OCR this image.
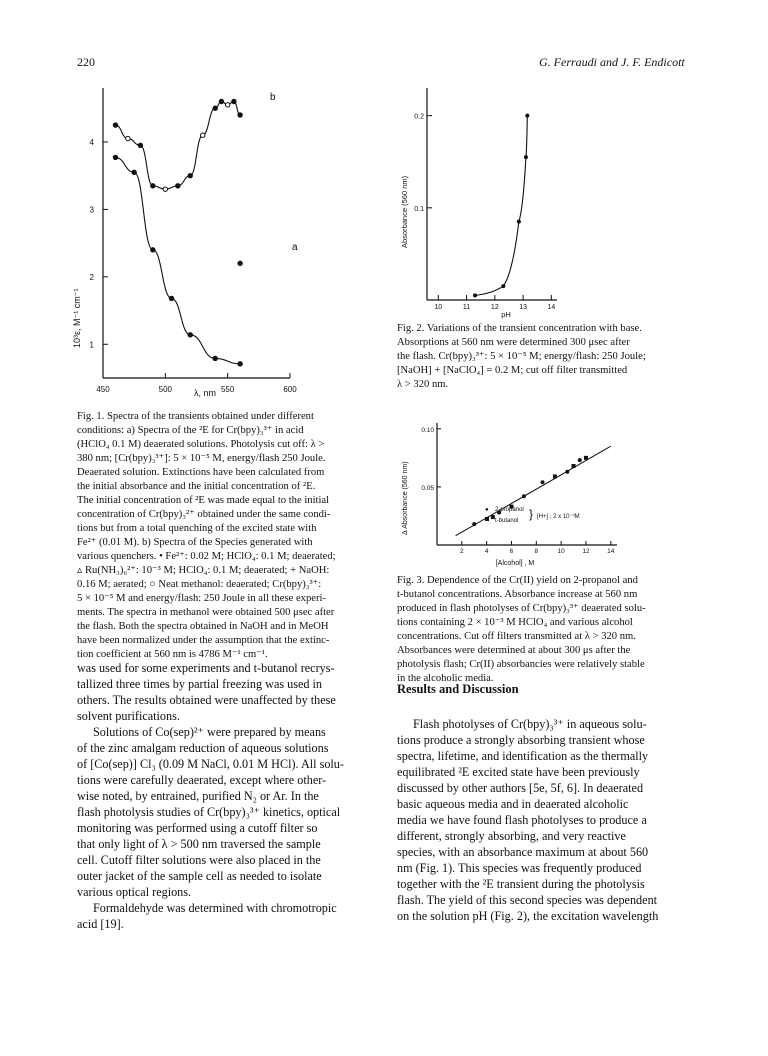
220	G. Ferraudi and J. F. Endicott
450	500	550	600
1
2
3
4
10³ε, M⁻¹ cm⁻¹
λ, nm
b
a
Fig. 1. Spectra of the transients obtained under different
conditions: a) Spectra of the ²E for Cr(bpy)₃³⁺ in acid
(HClO₄ 0.1 M) deaerated solutions. Photolysis cut off: λ >
380 nm; [Cr(bpy)₃³⁺]: 5 × 10⁻⁵ M, energy/flash 250 Joule.
Deaerated solution. Extinctions have been calculated from
the initial absorbance and the initial concentration of ²E.
The initial concentration of ²E was made equal to the initial
concentration of Cr(bpy)₃²⁺ obtained under the same condi-
tions but from a total quenching of the excited state with
Fe²⁺ (0.01 M). b) Spectra of the Species generated with
various quenchers. • Fe²⁺: 0.02 M; HClO₄: 0.1 M; deaerated;
▵ Ru(NH₃)₆²⁺: 10⁻³ M; HClO₄: 0.1 M; deaerated; + NaOH:
0.16 M; aerated; ○ Neat methanol: deaerated; Cr(bpy)₃³⁺:
5 × 10⁻⁵ M and energy/flash: 250 Joule in all these experi-
ments. The spectra in methanol were obtained 500 μsec after
the flash. Both the spectra obtained in NaOH and in MeOH
have been normalized under the assumption that the extinc-
tion coefficient at 560 nm is 4786 M⁻¹ cm⁻¹.
10	11	12	13	14
0.1
0.2
Absorbance (560 nm)
pH
Fig. 2. Variations of the transient concentration with base.
Absorptions at 560 nm were determined 300 μsec after
the flash. Cr(bpy)₃³⁺: 5 × 10⁻⁵ M; energy/flash: 250 Joule;
[NaOH] + [NaClO₄] = 0.2 M; cut off filter transmitted
λ > 320 nm.
2	4	6	8	10	12	14
0.05
0.10
Δ Absorbance (560 nm)
[Alcohol] , M
● 2-propanol
t-butanol } [H+] ; 2 x 10⁻³M
Fig. 3. Dependence of the Cr(II) yield on 2-propanol and
t-butanol concentrations. Absorbance increase at 560 nm
produced in flash photolyses of Cr(bpy)₃³⁺ deaerated solu-
tions containing 2 × 10⁻³ M HClO₄ and various alcohol
concentrations. Cut off filters transmitted at λ > 320 nm.
Absorbances were determined at about 300 μs after the
photolysis flash; Cr(II) absorbancies were relatively stable
in the alcoholic media.
was used for some experiments and t-butanol recrys-
tallized three times by partial freezing was used in
others. The results obtained were unaffected by these
solvent purifications.
Solutions of Co(sep)²⁺ were prepared by means
of the zinc amalgam reduction of aqueous solutions
of [Co(sep)] Cl₃ (0.09 M NaCl, 0.01 M HCl). All solu-
tions were carefully deaerated, except where other-
wise noted, by entrained, purified N₂ or Ar. In the
flash photolysis studies of Cr(bpy)₃³⁺ kinetics, optical
monitoring was performed using a cutoff filter so
that only light of λ > 500 nm traversed the sample
cell. Cutoff filter solutions were also placed in the
outer jacket of the sample cell as needed to isolate
various optical regions.
Formaldehyde was determined with chromotropic
acid [19].
Results and Discussion
Flash photolyses of Cr(bpy)₃³⁺ in aqueous solu-
tions produce a strongly absorbing transient whose
spectra, lifetime, and identification as the thermally
equilibrated ²E excited state have been previously
discussed by other authors [5e, 5f, 6]. In deaerated
basic aqueous media and in deaerated alcoholic
media we have found flash photolyses to produce a
different, strongly absorbing, and very reactive
species, with an absorbance maximum at about 560
nm (Fig. 1). This species was frequently produced
together with the ²E transient during the photolysis
flash. The yield of this second species was dependent
on the solution pH (Fig. 2), the excitation wavelength
